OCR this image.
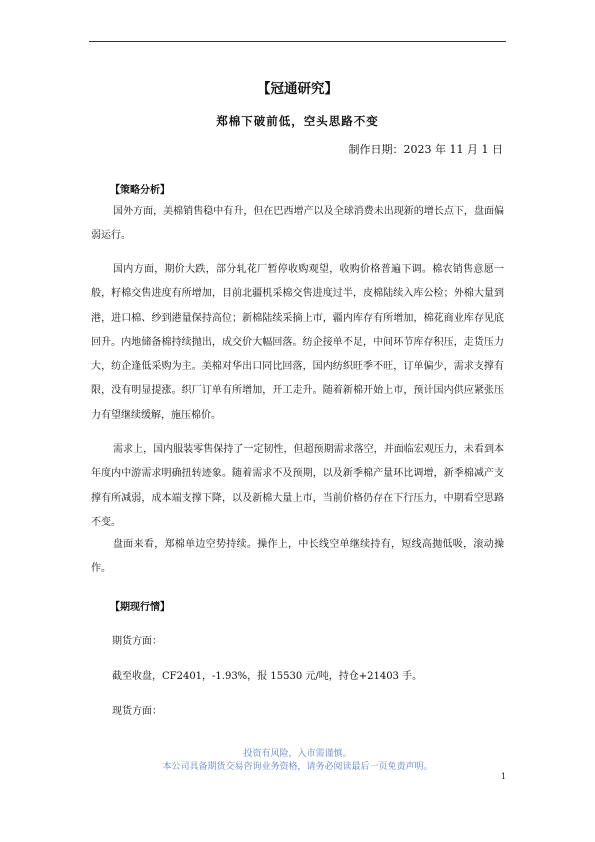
【冠通研究】
郑棉下破前低，空头思路不变
制作日期：2023 年 11 月 1 日
【策略分析】

国外方面，美棉销售稳中有升，但在巴西增产以及全球消费未出现新的增长点下，盘面偏弱运行。

国内方面，期价大跌，部分轧花厂暂停收购观望，收购价格普遍下调。棉农销售意愿一般，籽棉交售进度有所增加，目前北疆机采棉交售进度过半，皮棉陆续入库公检；外棉大量到港，进口棉、纱到港量保持高位；新棉陆续采摘上市，疆内库存有所增加，棉花商业库存见底回升。内地储备棉持续抛出，成交价大幅回落。纺企接单不足，中间环节库存积压，走货压力大，纺企逢低采购为主。美棉对华出口同比回落，国内纺织旺季不旺，订单偏少，需求支撑有限，没有明显提涨。织厂订单有所增加，开工走升。随着新棉开始上市，预计国内供应紧张压力有望继续缓解，施压棉价。

需求上，国内服装零售保持了一定韧性，但超预期需求落空，并面临宏观压力，未看到本年度内中游需求明确扭转迹象。随着需求不及预期，以及新季棉产量环比调增，新季棉减产支撑有所减弱，成本端支撑下降，以及新棉大量上市，当前价格仍存在下行压力，中期看空思路不变。

盘面来看，郑棉单边空势持续。操作上，中长线空单继续持有，短线高抛低吸，滚动操作。

【期现行情】
期货方面：
截至收盘，CF2401，-1.93%，报 15530 元/吨，持仓+21403 手。
现货方面：
投资有风险，入市需谨慎。
本公司具备期货交易咨询业务资格，请务必阅读最后一页免责声明。
1
